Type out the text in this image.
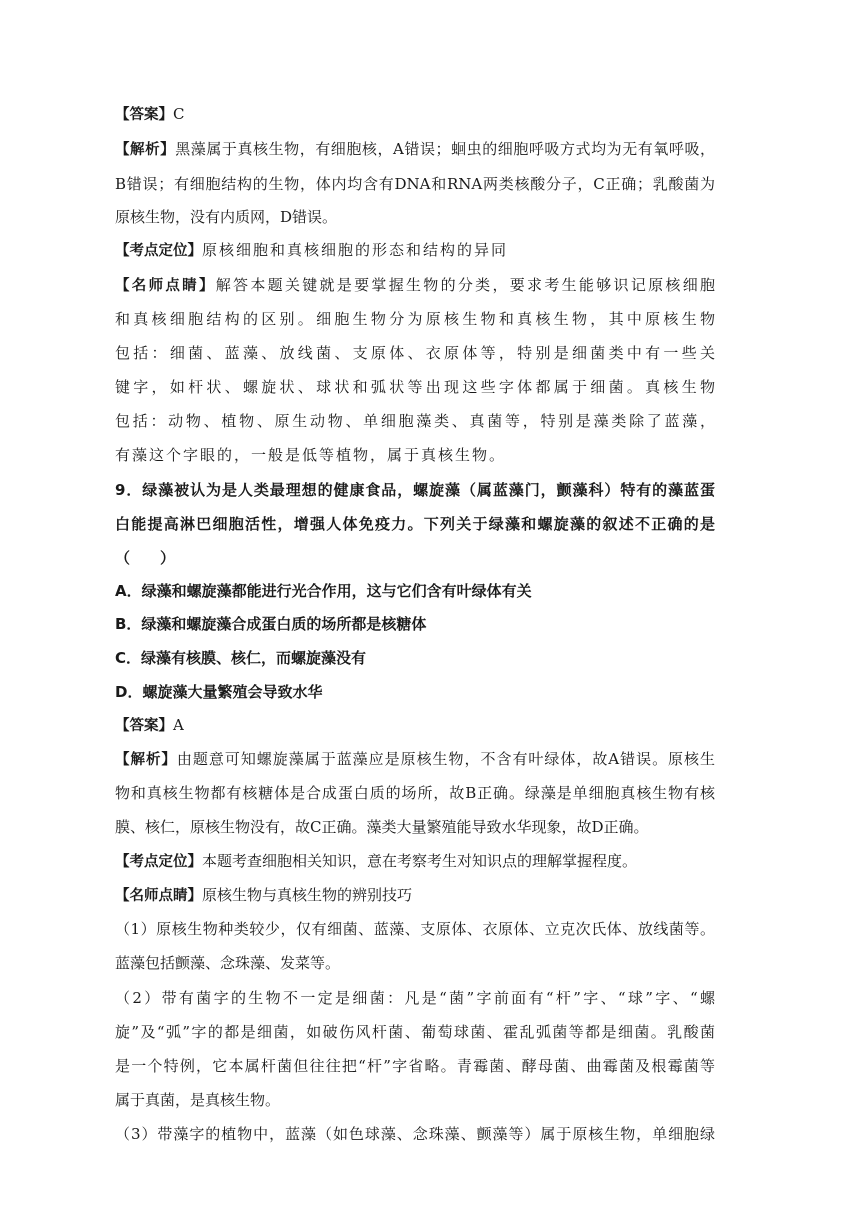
【答案】C
【解析】黑藻属于真核生物，有细胞核，A错误；蛔虫的细胞呼吸方式均为无有氧呼吸，
B错误；有细胞结构的生物，体内均含有DNA和RNA两类核酸分子，C正确；乳酸菌为
原核生物，没有内质网，D错误。
【考点定位】原核细胞和真核细胞的形态和结构的异同
【名师点睛】解答本题关键就是要掌握生物的分类，要求考生能够识记原核细胞
和真核细胞结构的区别。细胞生物分为原核生物和真核生物，其中原核生物
包括：细菌、蓝藻、放线菌、支原体、衣原体等，特别是细菌类中有一些关
键字，如杆状、螺旋状、球状和弧状等出现这些字体都属于细菌。真核生物
包括：动物、植物、原生动物、单细胞藻类、真菌等，特别是藻类除了蓝藻，
有藻这个字眼的，一般是低等植物，属于真核生物。
9．绿藻被认为是人类最理想的健康食品，螺旋藻（属蓝藻门，颤藻科）特有的藻蓝蛋
白能提高淋巴细胞活性，增强人体免疫力。下列关于绿藻和螺旋藻的叙述不正确的是
（　　）
A．绿藻和螺旋藻都能进行光合作用，这与它们含有叶绿体有关
B．绿藻和螺旋藻合成蛋白质的场所都是核糖体
C．绿藻有核膜、核仁，而螺旋藻没有
D．螺旋藻大量繁殖会导致水华
【答案】A
【解析】由题意可知螺旋藻属于蓝藻应是原核生物，不含有叶绿体，故A错误。原核生
物和真核生物都有核糖体是合成蛋白质的场所，故B正确。绿藻是单细胞真核生物有核
膜、核仁，原核生物没有，故C正确。藻类大量繁殖能导致水华现象，故D正确。
【考点定位】本题考查细胞相关知识，意在考察考生对知识点的理解掌握程度。
【名师点睛】原核生物与真核生物的辨别技巧
（1）原核生物种类较少，仅有细菌、蓝藻、支原体、衣原体、立克次氏体、放线菌等。
蓝藻包括颤藻、念珠藻、发菜等。
（2）带有菌字的生物不一定是细菌：凡是“菌”字前面有“杆”字、“球”字、“螺
旋”及“弧”字的都是细菌，如破伤风杆菌、葡萄球菌、霍乱弧菌等都是细菌。乳酸菌
是一个特例，它本属杆菌但往往把“杆”字省略。青霉菌、酵母菌、曲霉菌及根霉菌等
属于真菌，是真核生物。
（3）带藻字的植物中，蓝藻（如色球藻、念珠藻、颤藻等）属于原核生物，单细胞绿
